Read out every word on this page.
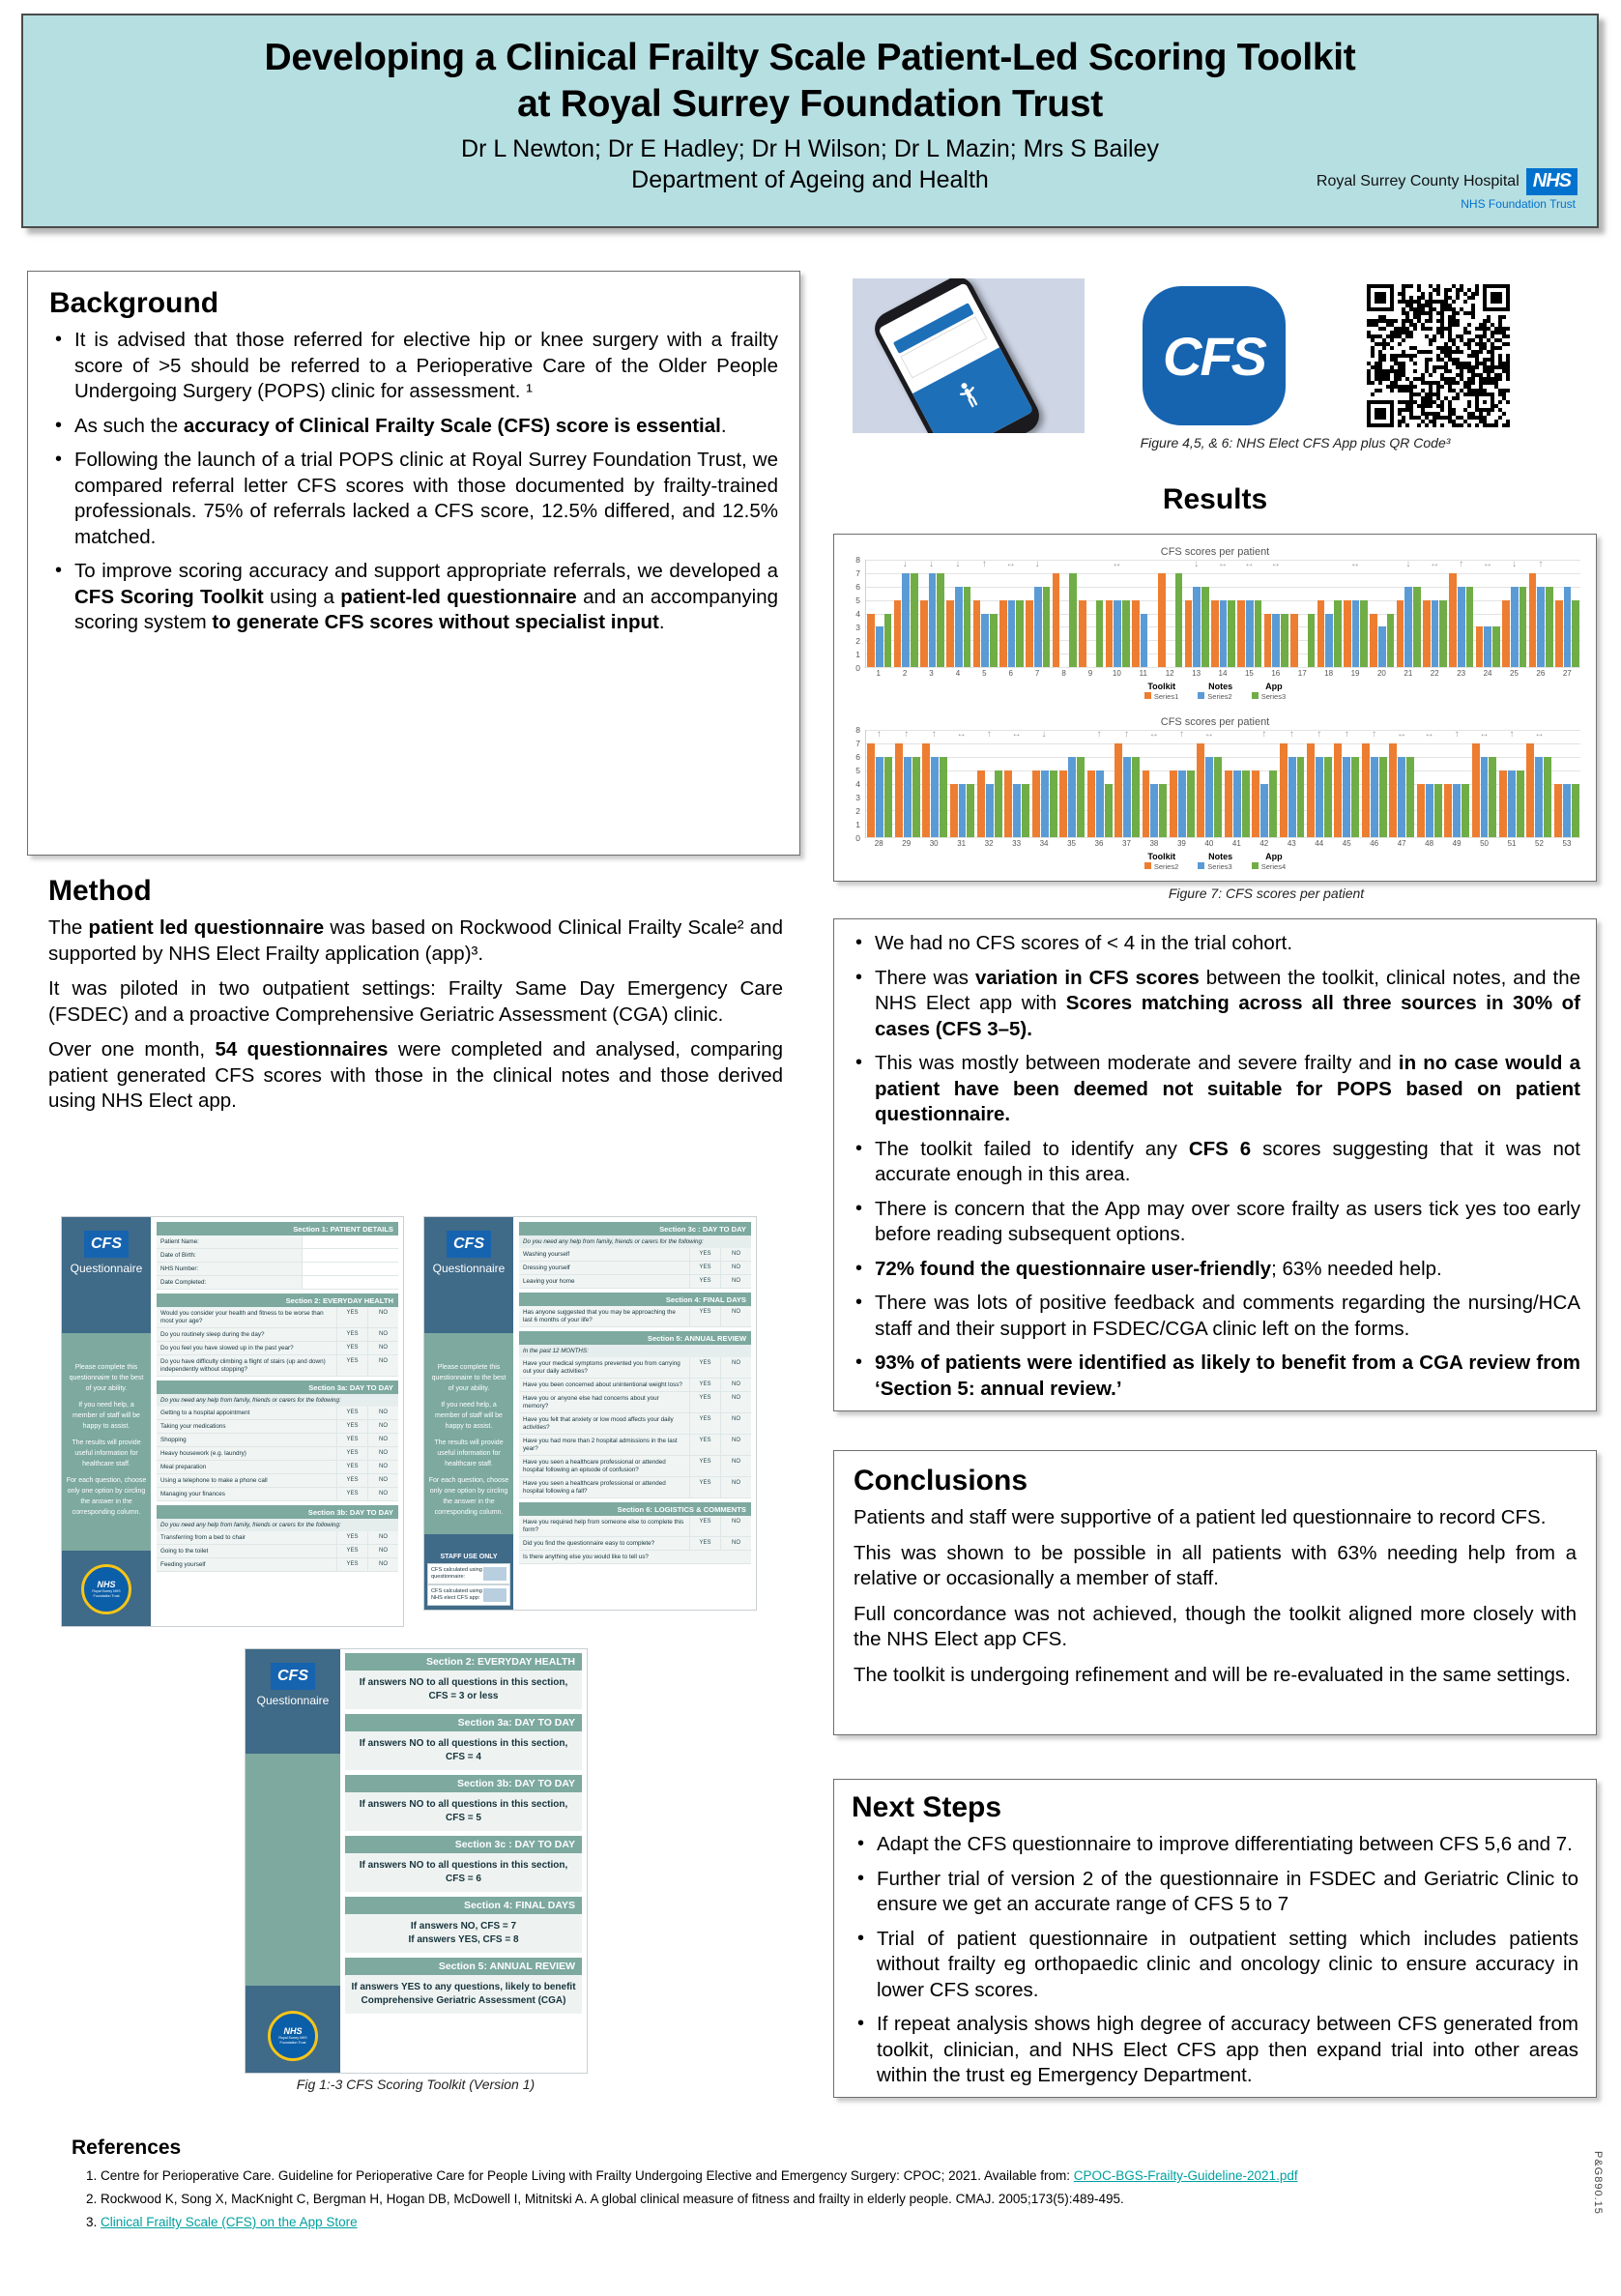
Developing a Clinical Frailty Scale Patient-Led Scoring Toolkit
at Royal Surrey Foundation Trust
Dr L Newton; Dr E Hadley; Dr H Wilson; Dr L Mazin; Mrs S Bailey
Department of Ageing and Health	Royal Surrey County Hospital NHS
NHS Foundation Trust
Background
• It is advised that those referred for elective hip or knee surgery with a frailty score of >5 should be referred to a Perioperative Care of the Older People Undergoing Surgery (POPS) clinic for assessment. ¹
• As such the accuracy of Clinical Frailty Scale (CFS) score is essential.
• Following the launch of a trial POPS clinic at Royal Surrey Foundation Trust, we compared referral letter CFS scores with those documented by frailty-trained professionals. 75% of referrals lacked a CFS score, 12.5% differed, and 12.5% matched.
• To improve scoring accuracy and support appropriate referrals, we developed a CFS Scoring Toolkit using a patient-led questionnaire and an accompanying scoring system to generate CFS scores without specialist input.
Method

The patient led questionnaire was based on Rockwood Clinical Frailty Scale² and supported by NHS Elect Frailty application (app)³.

It was piloted in two outpatient settings: Frailty Same Day Emergency Care (FSDEC) and a proactive Comprehensive Geriatric Assessment (CGA) clinic.

Over one month, 54 questionnaires were completed and analysed, comparing patient generated CFS scores with those in the clinical notes and those derived using NHS Elect app.

CFS
Questionnaire
Please complete this questionnaire to the best of your ability.
If you need help, a member of staff will be happy to assist.
The results will provide useful information for healthcare staff.
For each question, choose only one option by circling the answer in the corresponding column.
NHS
Royal Surrey NHS Foundation Trust
Section 1: PATIENT DETAILS
Patient Name:
Date of Birth:
NHS Number:
Date Completed:
Section 2: EVERYDAY HEALTH
Would you consider your health and fitness to be worse than most your age?
YES	NO
Do you routinely sleep during the day?	YES	NO
Do you feel you have slowed up in the past year?	YES	NO
Do you have difficulty climbing a flight of stairs (up and down) independently without stopping?
YES	NO
Section 3a: DAY TO DAY
Do you need any help from family, friends or carers for the following:
Getting to a hospital appointment	YES	NO
Taking your medications	YES	NO
Shopping	YES	NO
Heavy housework (e.g. laundry)	YES	NO
Meal preparation	YES	NO
Using a telephone to make a phone call	YES	NO
Managing your finances	YES	NO
Section 3b: DAY TO DAY
Do you need any help from family, friends or carers for the following:
Transferring from a bed to chair	YES	NO
Going to the toilet	YES	NO
Feeding yourself	YES	NO
CFS
Questionnaire
Please complete this questionnaire to the best of your ability.
If you need help, a member of staff will be happy to assist.
The results will provide useful information for healthcare staff.
For each question, choose only one option by circling the answer in the corresponding column.
STAFF USE ONLY
CFS calculated using questionnaire:
CFS calculated using NHS elect CFS app:
Section 3c : DAY TO DAY
Do you need any help from family, friends or carers for the following:
Washing yourself	YES	NO
Dressing yourself	YES	NO
Leaving your home	YES	NO
Section 4: FINAL DAYS
Has anyone suggested that you may be approaching the last 6 months of your life?
YES	NO
Section 5: ANNUAL REVIEW
In the past 12 MONTHS:
Have your medical symptoms prevented you from carrying out your daily activities?
YES	NO
Have you been concerned about unintentional weight loss?	YES	NO
Have you or anyone else had concerns about your memory?
YES	NO
Have you felt that anxiety or low mood affects your daily activities?
YES	NO
Have you had more than 2 hospital admissions in the last year?
YES	NO
Have you seen a healthcare professional or attended hospital following an episode of confusion?
YES	NO
Have you seen a healthcare professional or attended hospital following a fall?
YES	NO
Section 6: LOGISTICS & COMMENTS
Have you required help from someone else to complete this form?
YES	NO
Did you find the questionnaire easy to complete?	YES	NO
Is there anything else you would like to tell us?
CFS
Questionnaire
NHS
Royal Surrey NHS Foundation Trust
Section 2: EVERYDAY HEALTH
If answers NO to all questions in this section, CFS = 3 or less
Section 3a: DAY TO DAY
If answers NO to all questions in this section, CFS = 4
Section 3b: DAY TO DAY
If answers NO to all questions in this section, CFS = 5
Section 3c : DAY TO DAY
If answers NO to all questions in this section, CFS = 6
Section 4: FINAL DAYS
If answers NO, CFS = 7
If answers YES, CFS = 8
Section 5: ANNUAL REVIEW
If answers YES to any questions, likely to benefit Comprehensive Geriatric Assessment (CGA)
Fig 1:-3 CFS Scoring Toolkit (Version 1)
CFS
Figure 4,5, & 6: NHS Elect CFS App plus QR Code³
Results
CFS scores per patient
0
1
2
3
4
5
6
7
8	↓	↓	↓	↑	↔	↓	↔	↓	↔	↔	↔	↔	↓	↔	↑	↔	↓	↑
1	2	3	4	5	6	7	8	9	10	11	12	13	14	15	16	17	18	19	20	21	22	23	24	25	26	27
Toolkit	Notes	App
Series1	Series2	Series3
CFS scores per patient
0
1
2
3
4
5
6
7
8	↑	↑	↑	↔	↑	↔	↓	↑	↑	↔	↑	↔	↑	↑	↑	↑	↑	↔	↔	↑	↔	↑	↔
28	29	30	31	32	33	34	35	36	37	38	39	40	41	42	43	44	45	46	47	48	49	50	51	52	53
Toolkit	Notes	App
Series2	Series3	Series4
Figure 7: CFS scores per patient
• We had no CFS scores of < 4 in the trial cohort.
• There was variation in CFS scores between the toolkit, clinical notes, and the NHS Elect app with Scores matching across all three sources in 30% of cases (CFS 3–5).
• This was mostly between moderate and severe frailty and in no case would a patient have been deemed not suitable for POPS based on patient questionnaire.
• The toolkit failed to identify any CFS 6 scores suggesting that it was not accurate enough in this area.
• There is concern that the App may over score frailty as users tick yes too early before reading subsequent options.
• 72% found the questionnaire user-friendly; 63% needed help.
• There was lots of positive feedback and comments regarding the nursing/HCA staff and their support in FSDEC/CGA clinic left on the forms.
• 93% of patients were identified as likely to benefit from a CGA review from ‘Section 5: annual review.’
Conclusions

Patients and staff were supportive of a patient led questionnaire to record CFS.

This was shown to be possible in all patients with 63% needing help from a relative or occasionally a member of staff.

Full concordance was not achieved, though the toolkit aligned more closely with the NHS Elect app CFS.

The toolkit is undergoing refinement and will be re-evaluated in the same settings.

Next Steps
• Adapt the CFS questionnaire to improve differentiating between CFS 5,6 and 7.
• Further trial of version 2 of the questionnaire in FSDEC and Geriatric Clinic to ensure we get an accurate range of CFS 5 to 7
• Trial of patient questionnaire in outpatient setting which includes patients without frailty eg orthopaedic clinic and oncology clinic to ensure accuracy in lower CFS scores.
• If repeat analysis shows high degree of accuracy between CFS generated from toolkit, clinician, and NHS Elect CFS app then expand trial into other areas within the trust eg Emergency Department.
References
1. Centre for Perioperative Care. Guideline for Perioperative Care for People Living with Frailty Undergoing Elective and Emergency Surgery: CPOC; 2021. Available from: CPOC-BGS-Frailty-Guideline-2021.pdf
2. Rockwood K, Song X, MacKnight C, Bergman H, Hogan DB, McDowell I, Mitnitski A. A global clinical measure of fitness and frailty in elderly people. CMAJ. 2005;173(5):489-495.
3. Clinical Frailty Scale (CFS) on the App Store
P&G890.15
